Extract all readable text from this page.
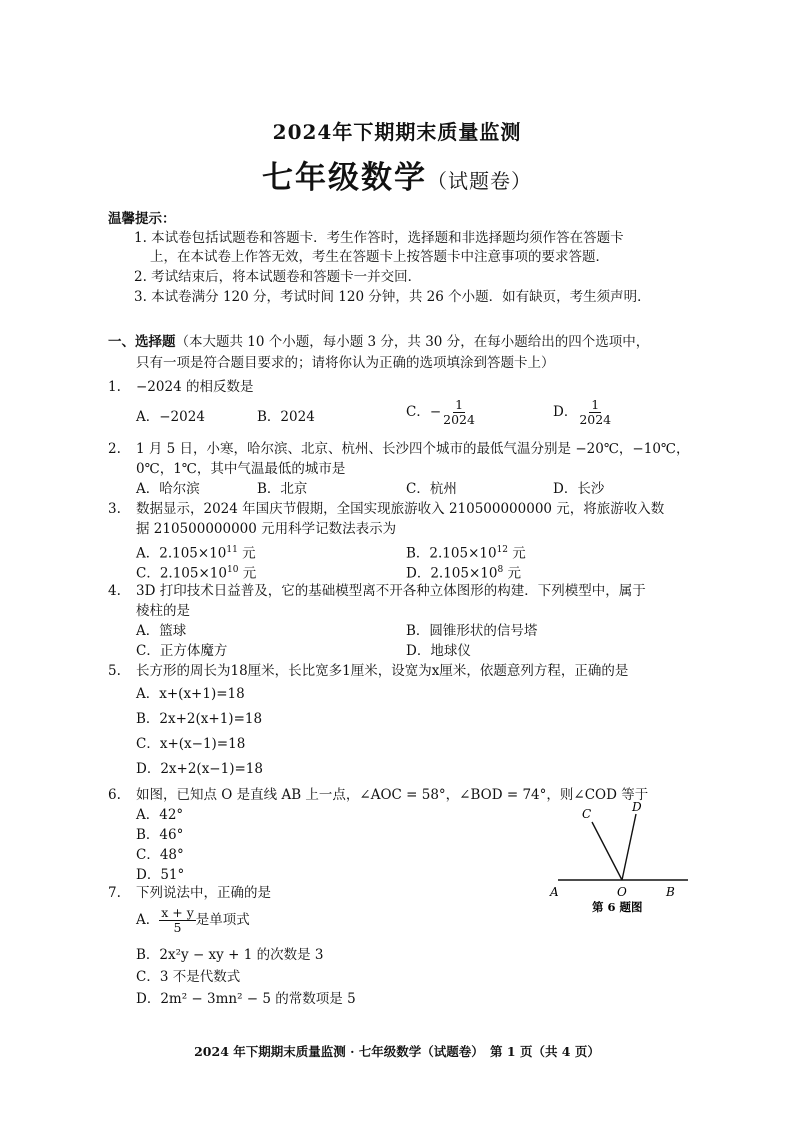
2024年下期期末质量监测
七年级数学（试题卷）
温馨提示：
1. 本试卷包括试题卷和答题卡．考生作答时，选择题和非选择题均须作答在答题卡
上，在本试卷上作答无效，考生在答题卡上按答题卡中注意事项的要求答题．
2. 考试结束后，将本试题卷和答题卡一并交回．
3. 本试卷满分 120 分，考试时间 120 分钟，共 26 个小题．如有缺页，考生须声明．
一、选择题（本大题共 10 个小题，每小题 3 分，共 30 分，在每小题给出的四个选项中，
只有一项是符合题目要求的；请将你认为正确的选项填涂到答题卡上）
1. −2024 的相反数是
A．−2024	B．2024	C．− $\frac{1}{2024}$	D． $\frac{1}{2024}$
2. 1 月 5 日，小寒，哈尔滨、北京、杭州、长沙四个城市的最低气温分别是 −20℃，−10℃，
0℃，1℃，其中气温最低的城市是
A．哈尔滨	B．北京	C．杭州	D．长沙
3. 数据显示，2024 年国庆节假期，全国实现旅游收入 210500000000 元，将旅游收入数
据 210500000000 元用科学记数法表示为
A．$2.105\times 10^{11}$ 元	B．$2.105\times 10^{12}$ 元
C．$2.105\times 10^{10}$ 元	D．$2.105\times 10^8$ 元
4. 3D 打印技术日益普及，它的基础模型离不开各种立体图形的构建．下列模型中，属于
棱柱的是
A．篮球	B．圆锥形状的信号塔
C．正方体魔方	D．地球仪
5. 长方形的周长为18厘米，长比宽多1厘米，设宽为x厘米，依题意列方程，正确的是
A．x+(x+1)=18
B．2x+2(x+1)=18
C．x+(x−1)=18
D．2x+2(x−1)=18
6. 如图，已知点 O 是直线 AB 上一点，∠AOC = 58°，∠BOD = 74°，则∠COD 等于
A．42°
B．46°
C．48°
D．51°
A	O	B
C	D
第 6 题图
7. 下列说法中，正确的是
A． $\frac{x + y}{5}$ 是单项式
B．2x²y − xy + 1 的次数是 3
C．3 不是代数式
D．2m² − 3mn² − 5 的常数项是 5
2024 年下期期末质量监测 · 七年级数学（试题卷）　第 1 页（共 4 页）
